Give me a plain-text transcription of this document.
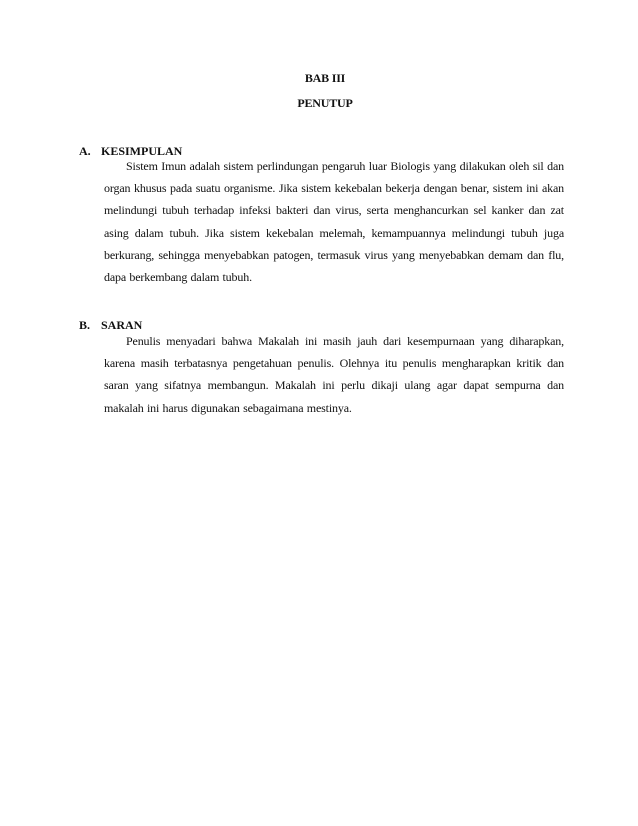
BAB III
PENUTUP
A. KESIMPULAN
Sistem Imun adalah sistem perlindungan pengaruh luar Biologis yang dilakukan oleh sil dan organ khusus pada suatu organisme. Jika sistem kekebalan bekerja dengan benar, sistem ini akan melindungi tubuh terhadap infeksi bakteri dan virus, serta menghancurkan sel kanker dan zat asing dalam tubuh. Jika sistem kekebalan melemah, kemampuannya melindungi tubuh juga berkurang, sehingga menyebabkan patogen, termasuk virus yang menyebabkan demam dan flu, dapa berkembang dalam tubuh.
B. SARAN
Penulis menyadari bahwa Makalah ini masih jauh dari kesempurnaan yang diharapkan, karena masih terbatasnya pengetahuan penulis. Olehnya itu penulis mengharapkan kritik dan saran yang sifatnya membangun. Makalah ini perlu dikaji ulang agar dapat sempurna dan makalah ini harus digunakan sebagaimana mestinya.
